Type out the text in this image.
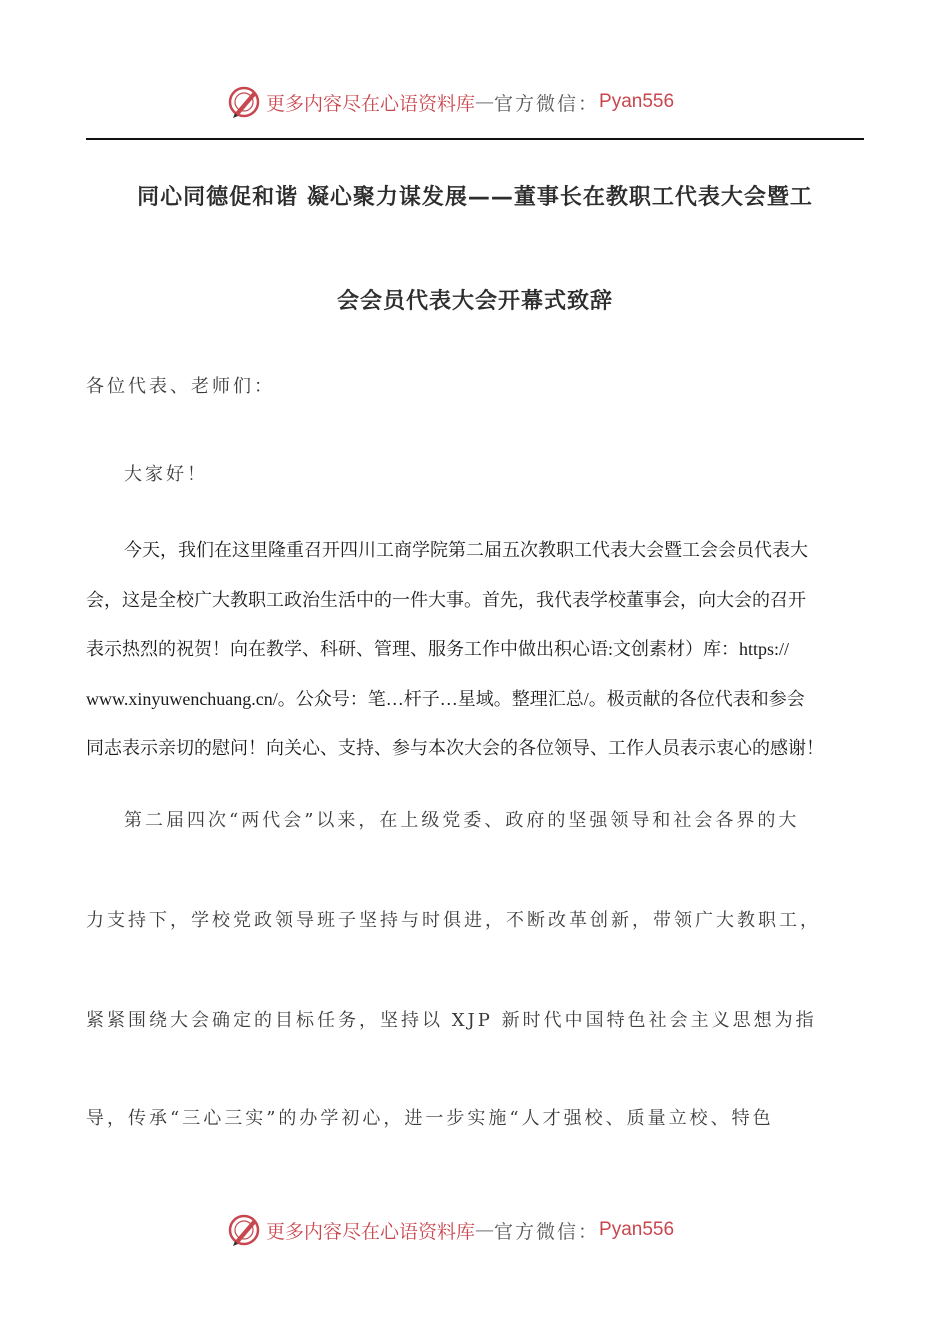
更多内容尽在心语资料库 — 官方微信： Pyan556
同心同德促和谐 凝心聚力谋发展——董事长在教职工代表大会暨工
会会员代表大会开幕式致辞
各位代表、老师们：
大家好！
今天，我们在这里隆重召开四川工商学院第二届五次教职工代表大会暨工会会员代表大
会，这是全校广大教职工政治生活中的一件大事。首先，我代表学校董事会，向大会的召开
表示热烈的祝贺！向在教学、科研、管理、服务工作中做出积心语:文创素材）库：https://
www.xinyuwenchuang.cn/。公众号：笔…杆子…星域。整理汇总/。极贡献的各位代表和参会
同志表示亲切的慰问！向关心、支持、参与本次大会的各位领导、工作人员表示衷心的感谢！
第二届四次“两代会”以来，在上级党委、政府的坚强领导和社会各界的大
力支持下，学校党政领导班子坚持与时俱进，不断改革创新，带领广大教职工，
紧紧围绕大会确定的目标任务，坚持以 XJP 新时代中国特色社会主义思想为指
导，传承“三心三实”的办学初心，进一步实施“人才强校、质量立校、特色
更多内容尽在心语资料库 — 官方微信： Pyan556
